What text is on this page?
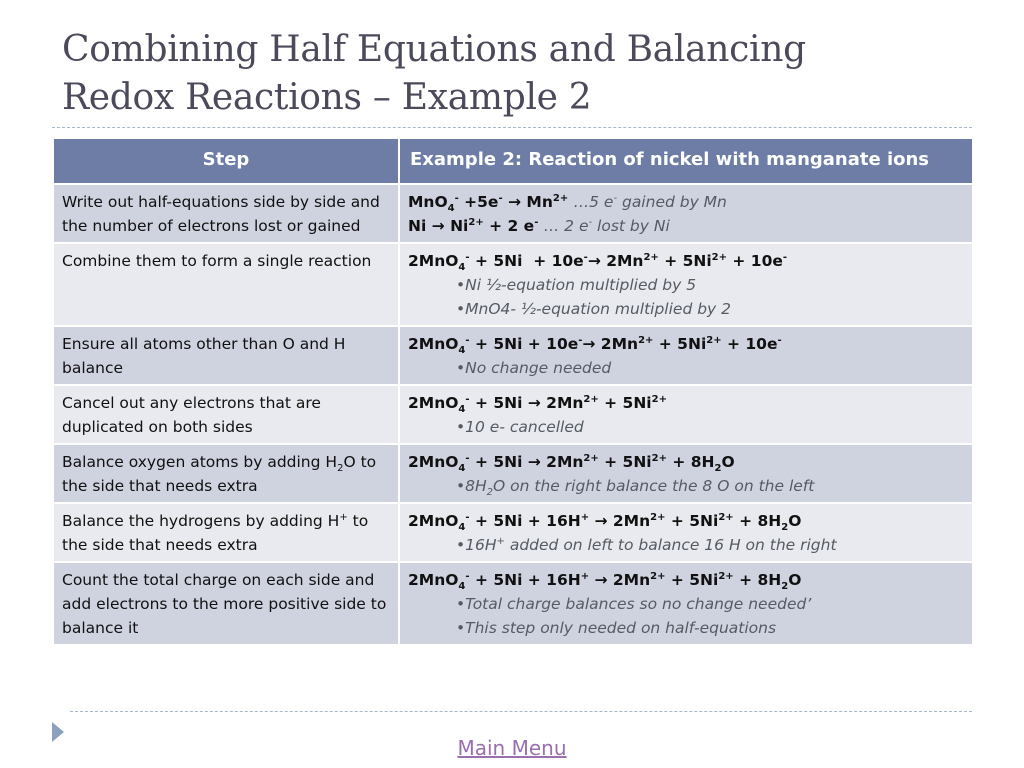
Combining Half Equations and Balancing
Redox Reactions – Example 2
Step	Example 2: Reaction of nickel with manganate ions
Write out half-equations side by side and the number of electrons lost or gained	$MnO_4^- +5e^- \to Mn^{2+}$ …5 e- gained by Mn
$Ni \to Ni^{2+} + 2$ e- … 2 e- lost by Ni

Combine them to form a single reaction	$2MnO_4^- + 5Ni + 10e^-\to 2Mn^{2+} + 5Ni^{2+} + 10e^-$
•Ni ½-equation multiplied by 5
•MnO4- ½-equation multiplied by 2

Ensure all atoms other than O and H balance	$2MnO_4^- + 5Ni + 10e^-\to 2Mn^{2+} + 5Ni^{2+} + 10e^-$
•No change needed

Cancel out any electrons that are duplicated on both sides	$2MnO_4^- + 5Ni \to 2Mn^{2+} + 5Ni^{2+}$
•10 e- cancelled

Balance oxygen atoms by adding $H_2O$ to the side that needs extra	$2MnO_4^- + 5Ni \to 2Mn^{2+} + 5Ni^{2+} + 8H_2O$
$•8H_2O$ on the right balance the 8 O on the left

Balance the hydrogens by adding H+ to the side that needs extra	$2MnO_4^- + 5Ni + 16H^+ \to 2Mn^{2+} + 5Ni^{2+} + 8H_2O$
•16H+ added on left to balance 16 H on the right

Count the total charge on each side and add electrons to the more positive side to balance it	$2MnO_4^- + 5Ni + 16H^+ \to 2Mn^{2+} + 5Ni^{2+} + 8H_2O$
•Total charge balances so no change needed’
•This step only needed on half-equations
Main Menu
